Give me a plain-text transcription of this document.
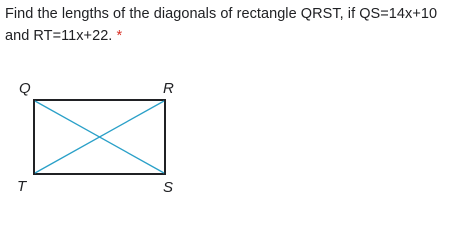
Find the lengths of the diagonals of rectangle QRST, if QS=14x+10 and RT=11x+22. *
Q	R
S
T
